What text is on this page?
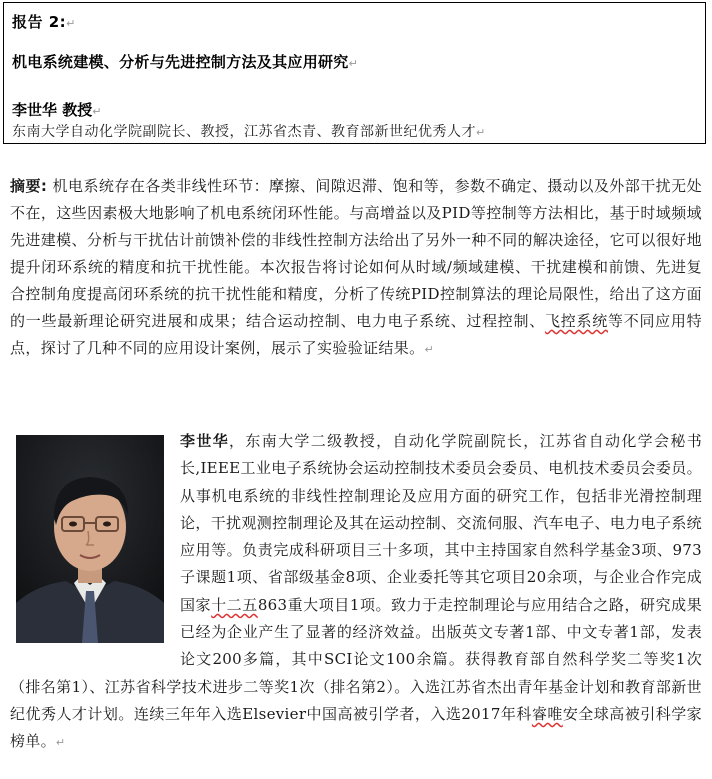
报告 2:↵
机电系统建模、分析与先进控制方法及其应用研究↵
李世华 教授↵
东南大学自动化学院副院长、教授，江苏省杰青、教育部新世纪优秀人才↵
摘要: 机电系统存在各类非线性环节：摩擦、间隙迟滞、饱和等，参数不确定、摄动以及外部干扰无处不在，这些因素极大地影响了机电系统闭环性能。与高增益以及PID等控制等方法相比，基于时域频域先进建模、分析与干扰估计前馈补偿的非线性控制方法给出了另外一种不同的解决途径，它可以很好地提升闭环系统的精度和抗干扰性能。本次报告将讨论如何从时域/频域建模、干扰建模和前馈、先进复合控制角度提高闭环系统的抗干扰性能和精度，分析了传统PID控制算法的理论局限性，给出了这方面的一些最新理论研究进展和成果；结合运动控制、电力电子系统、过程控制、飞控系统等不同应用特点，探讨了几种不同的应用设计案例，展示了实验验证结果。↵
李世华，东南大学二级教授，自动化学院副院长，江苏省自动化学会秘书长,IEEE工业电子系统协会运动控制技术委员会委员、电机技术委员会委员。从事机电系统的非线性控制理论及应用方面的研究工作，包括非光滑控制理论，干扰观测控制理论及其在运动控制、交流伺服、汽车电子、电力电子系统应用等。负责完成科研项目三十多项，其中主持国家自然科学基金3项、973子课题1项、省部级基金8项、企业委托等其它项目20余项，与企业合作完成国家十二五863重大项目1项。致力于走控制理论与应用结合之路，研究成果已经为企业产生了显著的经济效益。出版英文专著1部、中文专著1部，发表论文200多篇，其中SCI论文100余篇。获得教育部自然科学奖二等奖1次（排名第1）、江苏省科学技术进步二等奖1次（排名第2）。入选江苏省杰出青年基金计划和教育部新世纪优秀人才计划。连续三年年入选Elsevier中国高被引学者，入选2017年科睿唯安全球高被引科学家榜单。↵
